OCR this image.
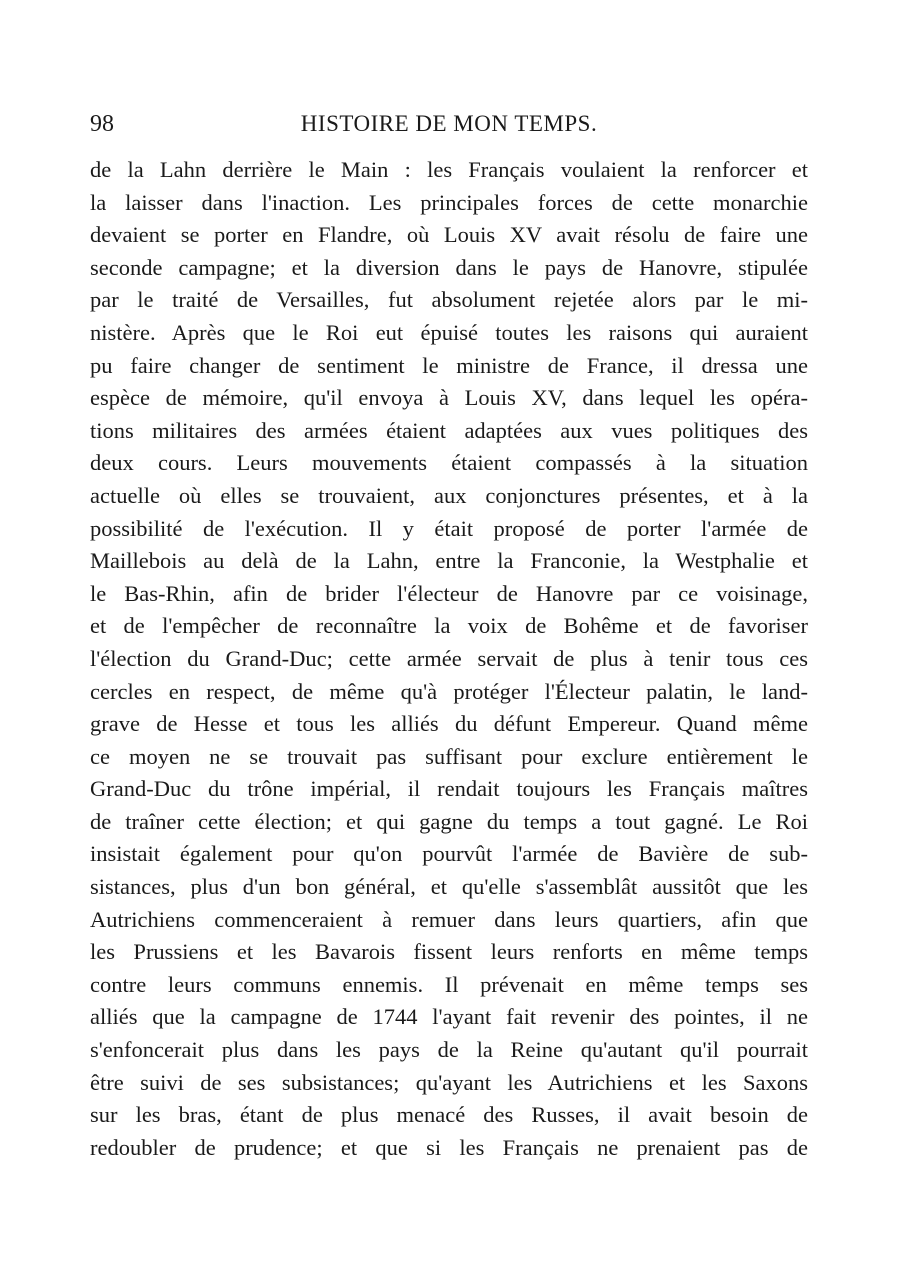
98	HISTOIRE DE MON TEMPS.
de la Lahn derrière le Main : les Français voulaient la renforcer et
la laisser dans l'inaction. Les principales forces de cette monarchie
devaient se porter en Flandre, où Louis XV avait résolu de faire une
seconde campagne; et la diversion dans le pays de Hanovre, stipulée
par le traité de Versailles, fut absolument rejetée alors par le mi-
nistère. Après que le Roi eut épuisé toutes les raisons qui auraient
pu faire changer de sentiment le ministre de France, il dressa une
espèce de mémoire, qu'il envoya à Louis XV, dans lequel les opéra-
tions militaires des armées étaient adaptées aux vues politiques des
deux cours. Leurs mouvements étaient compassés à la situation
actuelle où elles se trouvaient, aux conjonctures présentes, et à la
possibilité de l'exécution. Il y était proposé de porter l'armée de
Maillebois au delà de la Lahn, entre la Franconie, la Westphalie et
le Bas-Rhin, afin de brider l'électeur de Hanovre par ce voisinage,
et de l'empêcher de reconnaître la voix de Bohême et de favoriser
l'élection du Grand-Duc; cette armée servait de plus à tenir tous ces
cercles en respect, de même qu'à protéger l'Électeur palatin, le land-
grave de Hesse et tous les alliés du défunt Empereur. Quand même
ce moyen ne se trouvait pas suffisant pour exclure entièrement le
Grand-Duc du trône impérial, il rendait toujours les Français maîtres
de traîner cette élection; et qui gagne du temps a tout gagné. Le Roi
insistait également pour qu'on pourvût l'armée de Bavière de sub-
sistances, plus d'un bon général, et qu'elle s'assemblât aussitôt que les
Autrichiens commenceraient à remuer dans leurs quartiers, afin que
les Prussiens et les Bavarois fissent leurs renforts en même temps
contre leurs communs ennemis. Il prévenait en même temps ses
alliés que la campagne de 1744 l'ayant fait revenir des pointes, il ne
s'enfoncerait plus dans les pays de la Reine qu'autant qu'il pourrait
être suivi de ses subsistances; qu'ayant les Autrichiens et les Saxons
sur les bras, étant de plus menacé des Russes, il avait besoin de
redoubler de prudence; et que si les Français ne prenaient pas de
